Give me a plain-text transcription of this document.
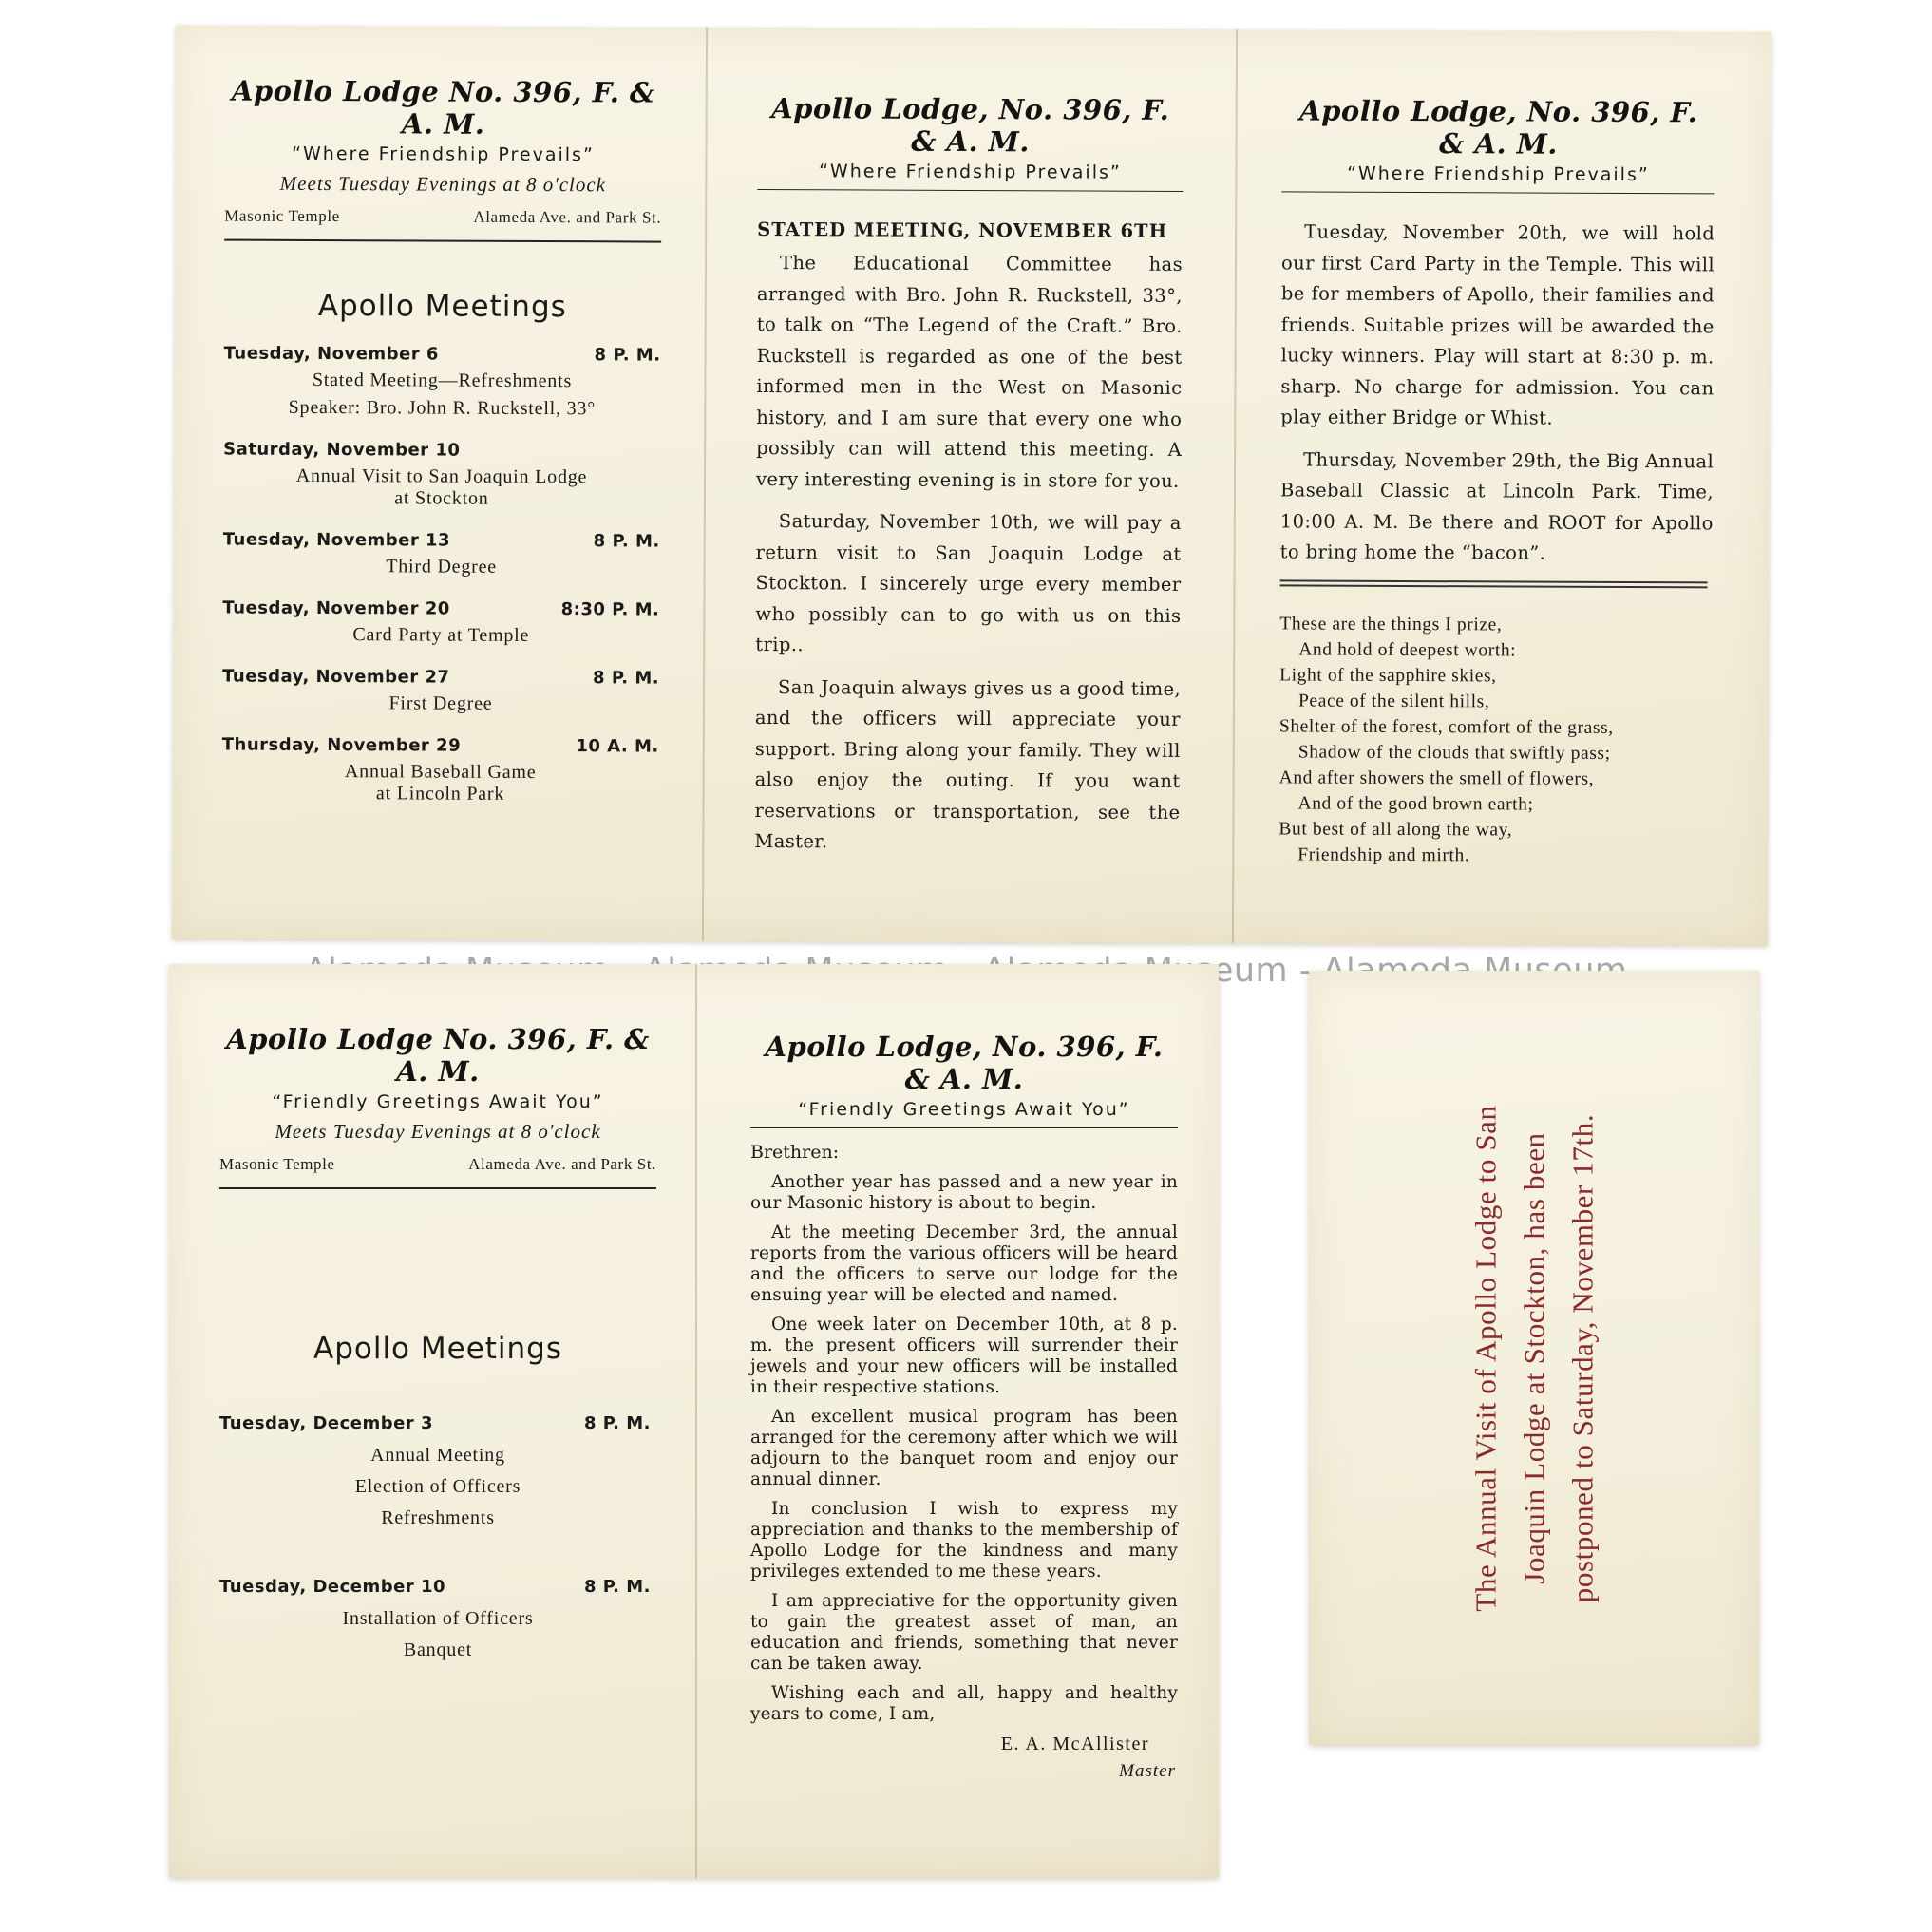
Apollo Lodge No. 396, F. & A. M.
“Where Friendship Prevails”
Meets Tuesday Evenings at 8 o'clock
Masonic Temple	Alameda Ave. and Park St.
Apollo Meetings
Tuesday, November 6	8 P. M.
Stated Meeting—Refreshments
Speaker: Bro. John R. Ruckstell, 33°
Saturday, November 10
Annual Visit to San Joaquin Lodge
at Stockton
Tuesday, November 13	8 P. M.
Third Degree
Tuesday, November 20	8:30 P. M.
Card Party at Temple
Tuesday, November 27	8 P. M.
First Degree
Thursday, November 29	10 A. M.
Annual Baseball Game
at Lincoln Park
Apollo Lodge, No. 396, F. & A. M.
“Where Friendship Prevails”
STATED MEETING, NOVEMBER 6TH

The Educational Committee has arranged with Bro. John R. Ruckstell, 33°, to talk on “The Legend of the Craft.” Bro. Ruckstell is regarded as one of the best informed men in the West on Masonic history, and I am sure that every one who possibly can will attend this meeting. A very interesting evening is in store for you.

Saturday, November 10th, we will pay a return visit to San Joaquin Lodge at Stockton. I sincerely urge every member who possibly can to go with us on this trip..

San Joaquin always gives us a good time, and the officers will appreciate your support. Bring along your family. They will also enjoy the outing. If you want reservations or transportation, see the Master.

Apollo Lodge, No. 396, F. & A. M.
“Where Friendship Prevails”

Tuesday, November 20th, we will hold our first Card Party in the Temple. This will be for members of Apollo, their families and friends. Suitable prizes will be awarded the lucky winners. Play will start at 8:30 p. m. sharp. No charge for admission. You can play either Bridge or Whist.

Thursday, November 29th, the Big Annual Baseball Classic at Lincoln Park. Time, 10:00 A. M. Be there and ROOT for Apollo to bring home the “bacon”.

These are the things I prize,
And hold of deepest worth:
Light of the sapphire skies,
Peace of the silent hills,
Shelter of the forest, comfort of the grass,
Shadow of the clouds that swiftly pass;
And after showers the smell of flowers,
And of the good brown earth;
But best of all along the way,
Friendship and mirth.
-
Apollo Lodge No. 396, F. & A. M.
“Friendly Greetings Await You”
Meets Tuesday Evenings at 8 o'clock
Masonic Temple	Alameda Ave. and Park St.
Apollo Meetings
Tuesday, December 3	8 P. M.
Annual Meeting
Election of Officers
Refreshments
Tuesday, December 10	8 P. M.
Installation of Officers
Banquet
Apollo Lodge, No. 396, F. & A. M.
“Friendly Greetings Await You”
Brethren:

Another year has passed and a new year in our Masonic history is about to begin.

At the meeting December 3rd, the annual reports from the various officers will be heard and the officers to serve our lodge for the ensuing year will be elected and named.

One week later on December 10th, at 8 p. m. the present officers will surrender their jewels and your new officers will be installed in their respective stations.

An excellent musical program has been arranged for the ceremony after which we will adjourn to the banquet room and enjoy our annual dinner.

In conclusion I wish to express my appreciation and thanks to the membership of Apollo Lodge for the kindness and many privileges extended to me these years.

I am appreciative for the opportunity given to gain the greatest asset of man, an education and friends, something that never can be taken away.

Wishing each and all, happy and healthy years to come, I am,

E. A. McAllister
Master
The Annual Visit of Apollo Lodge to San Joaquin Lodge at Stockton, has been postponed to Saturday, November 17th.
